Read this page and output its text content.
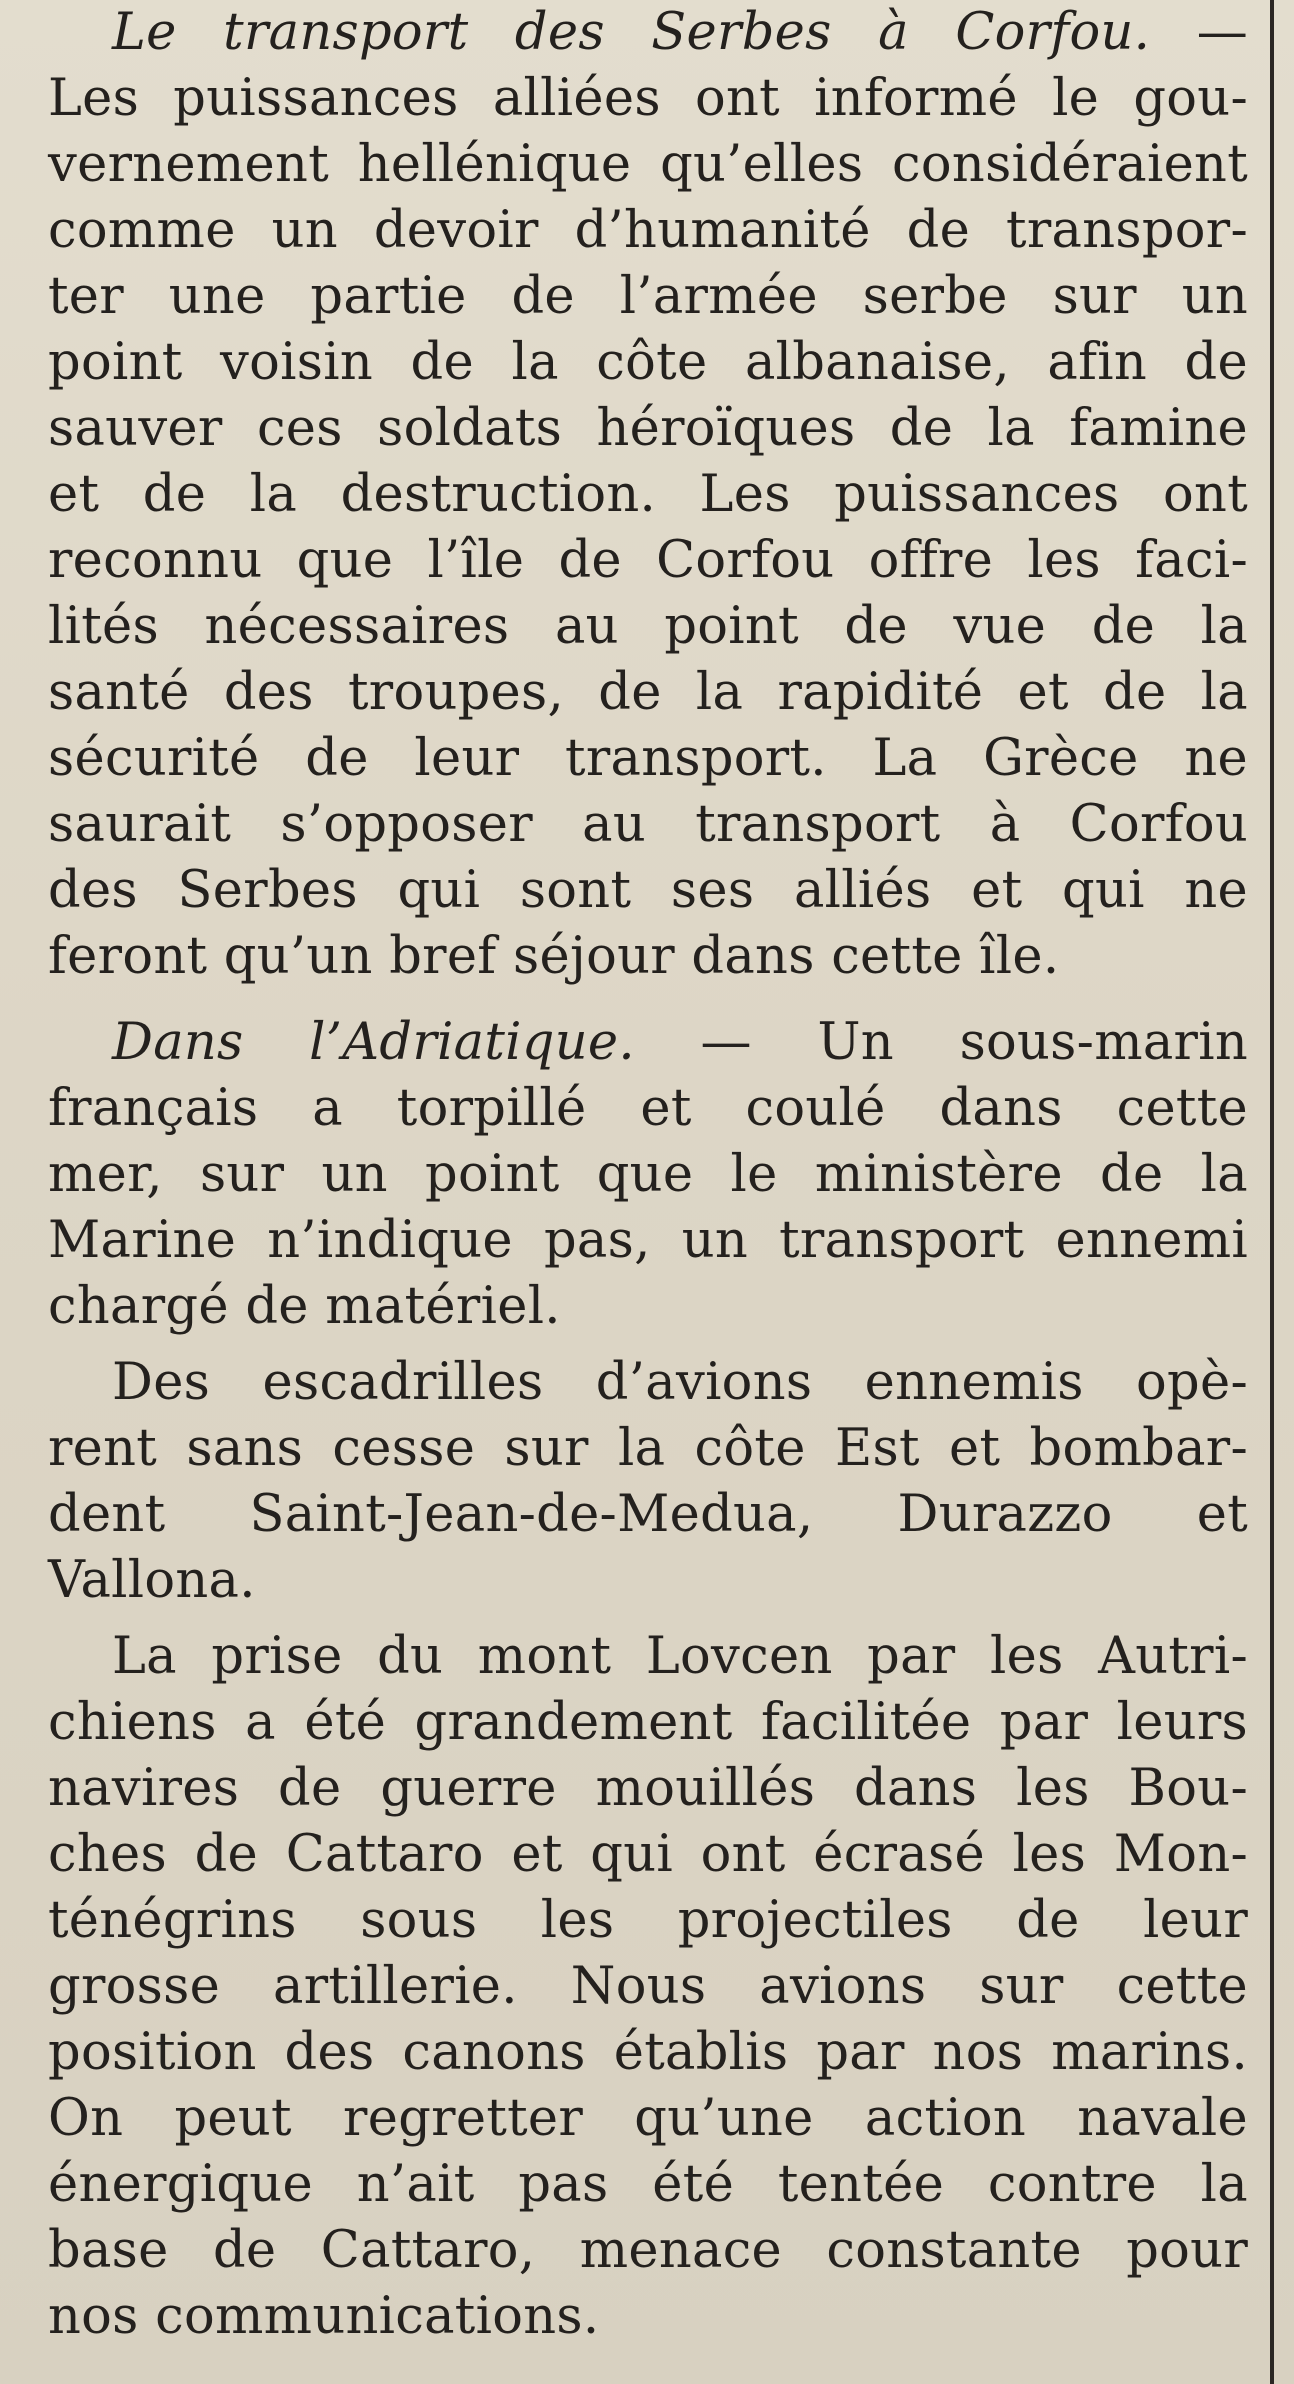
Le transport des Serbes à Corfou. —
Les puissances alliées ont informé le gou-
vernement hellénique qu’elles considéraient
comme un devoir d’humanité de transpor-
ter une partie de l’armée serbe sur un
point voisin de la côte albanaise, afin de
sauver ces soldats héroïques de la famine
et de la destruction. Les puissances ont
reconnu que l’île de Corfou offre les faci-
lités nécessaires au point de vue de la
santé des troupes, de la rapidité et de la
sécurité de leur transport. La Grèce ne
saurait s’opposer au transport à Corfou
des Serbes qui sont ses alliés et qui ne
feront qu’un bref séjour dans cette île.
Dans l’Adriatique. — Un sous-marin
français a torpillé et coulé dans cette
mer, sur un point que le ministère de la
Marine n’indique pas, un transport ennemi
chargé de matériel.
Des escadrilles d’avions ennemis opè-
rent sans cesse sur la côte Est et bombar-
dent Saint-Jean-de-Medua, Durazzo et
Vallona.
La prise du mont Lovcen par les Autri-
chiens a été grandement facilitée par leurs
navires de guerre mouillés dans les Bou-
ches de Cattaro et qui ont écrasé les Mon-
ténégrins sous les projectiles de leur
grosse artillerie. Nous avions sur cette
position des canons établis par nos marins.
On peut regretter qu’une action navale
énergique n’ait pas été tentée contre la
base de Cattaro, menace constante pour
nos communications.
